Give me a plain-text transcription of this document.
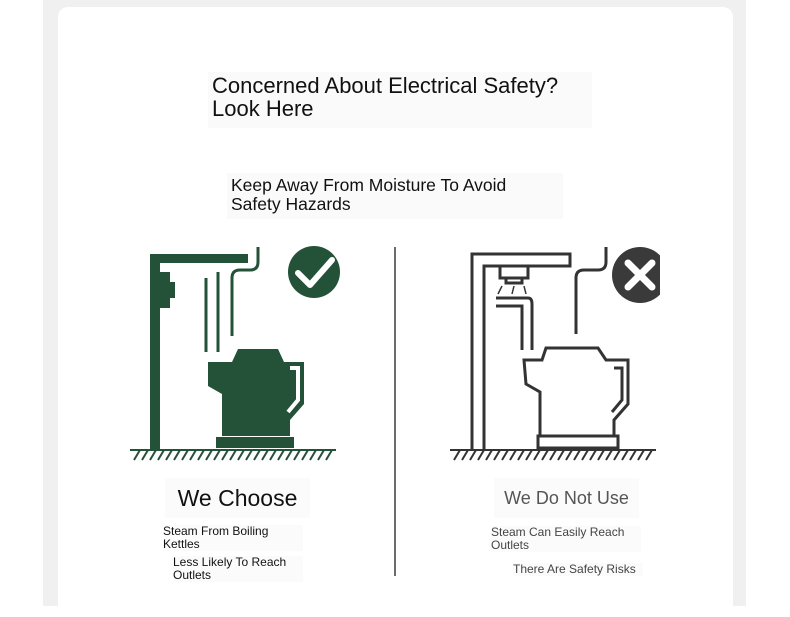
Concerned About Electrical Safety?
Look Here
Keep Away From Moisture To Avoid
Safety Hazards
We Choose	We Do Not Use
Steam From Boiling
Kettles
Less Likely To Reach
Outlets
Steam Can Easily Reach
Outlets
There Are Safety Risks
